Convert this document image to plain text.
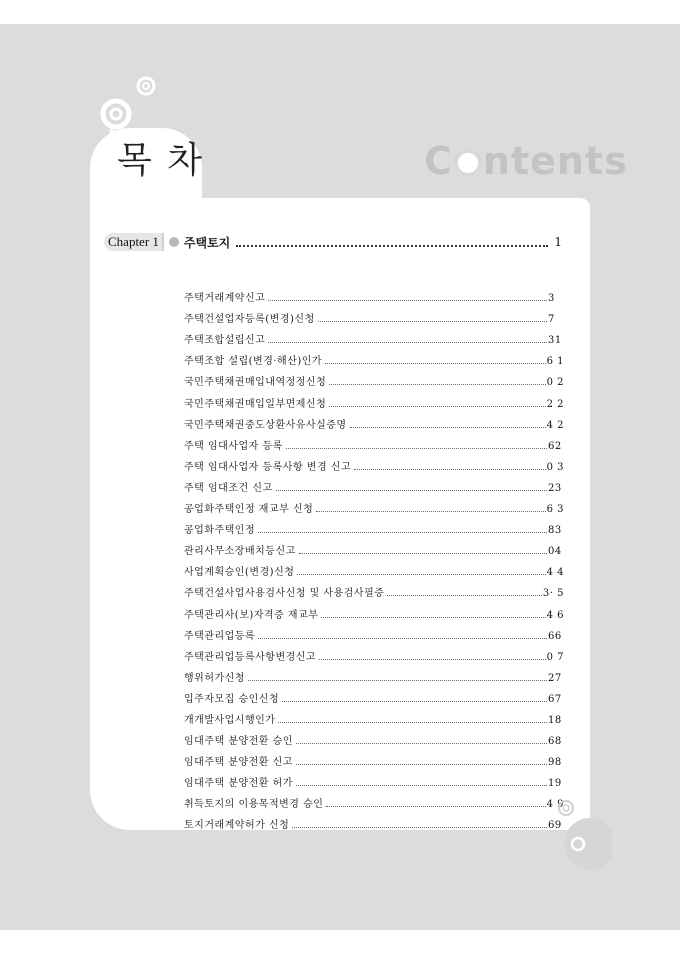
목 차	C ntents
Chapter 1	주택토지	1
주택거래계약신고	3
주택건설업자등록(변경)신청	7
주택조합설립신고	31
주택조합 설립(변경·해산)인가	6 1
국민주택채권매입내역정정신청	0 2
국민주택채권매입일부면제신청	2 2
국민주택채권중도상환사유사실증명	4 2
주택 임대사업자 등록	62
주택 임대사업자 등록사항 변경 신고	0 3
주택 임대조건 신고	23
공업화주택인정 재교부 신청	6 3
공업화주택인정	83
관리사무소장배치등신고	04
사업계획승인(변경)신청	4 4
주택건설사업사용검사신청 및 사용검사필증	3· 5
주택관리사(보)자격증 재교부	4 6
주택관리업등록	66
주택관리업등록사항변경신고	0 7
행위허가신청	27
입주자모집 승인신청	67
개개발사업시행인가	18
임대주택 분양전환 승인	68
임대주택 분양전환 신고	98
임대주택 분양전환 허가	19
취득토지의 이용목적변경 승인	4 9
토지거래계약허가 신청	69
